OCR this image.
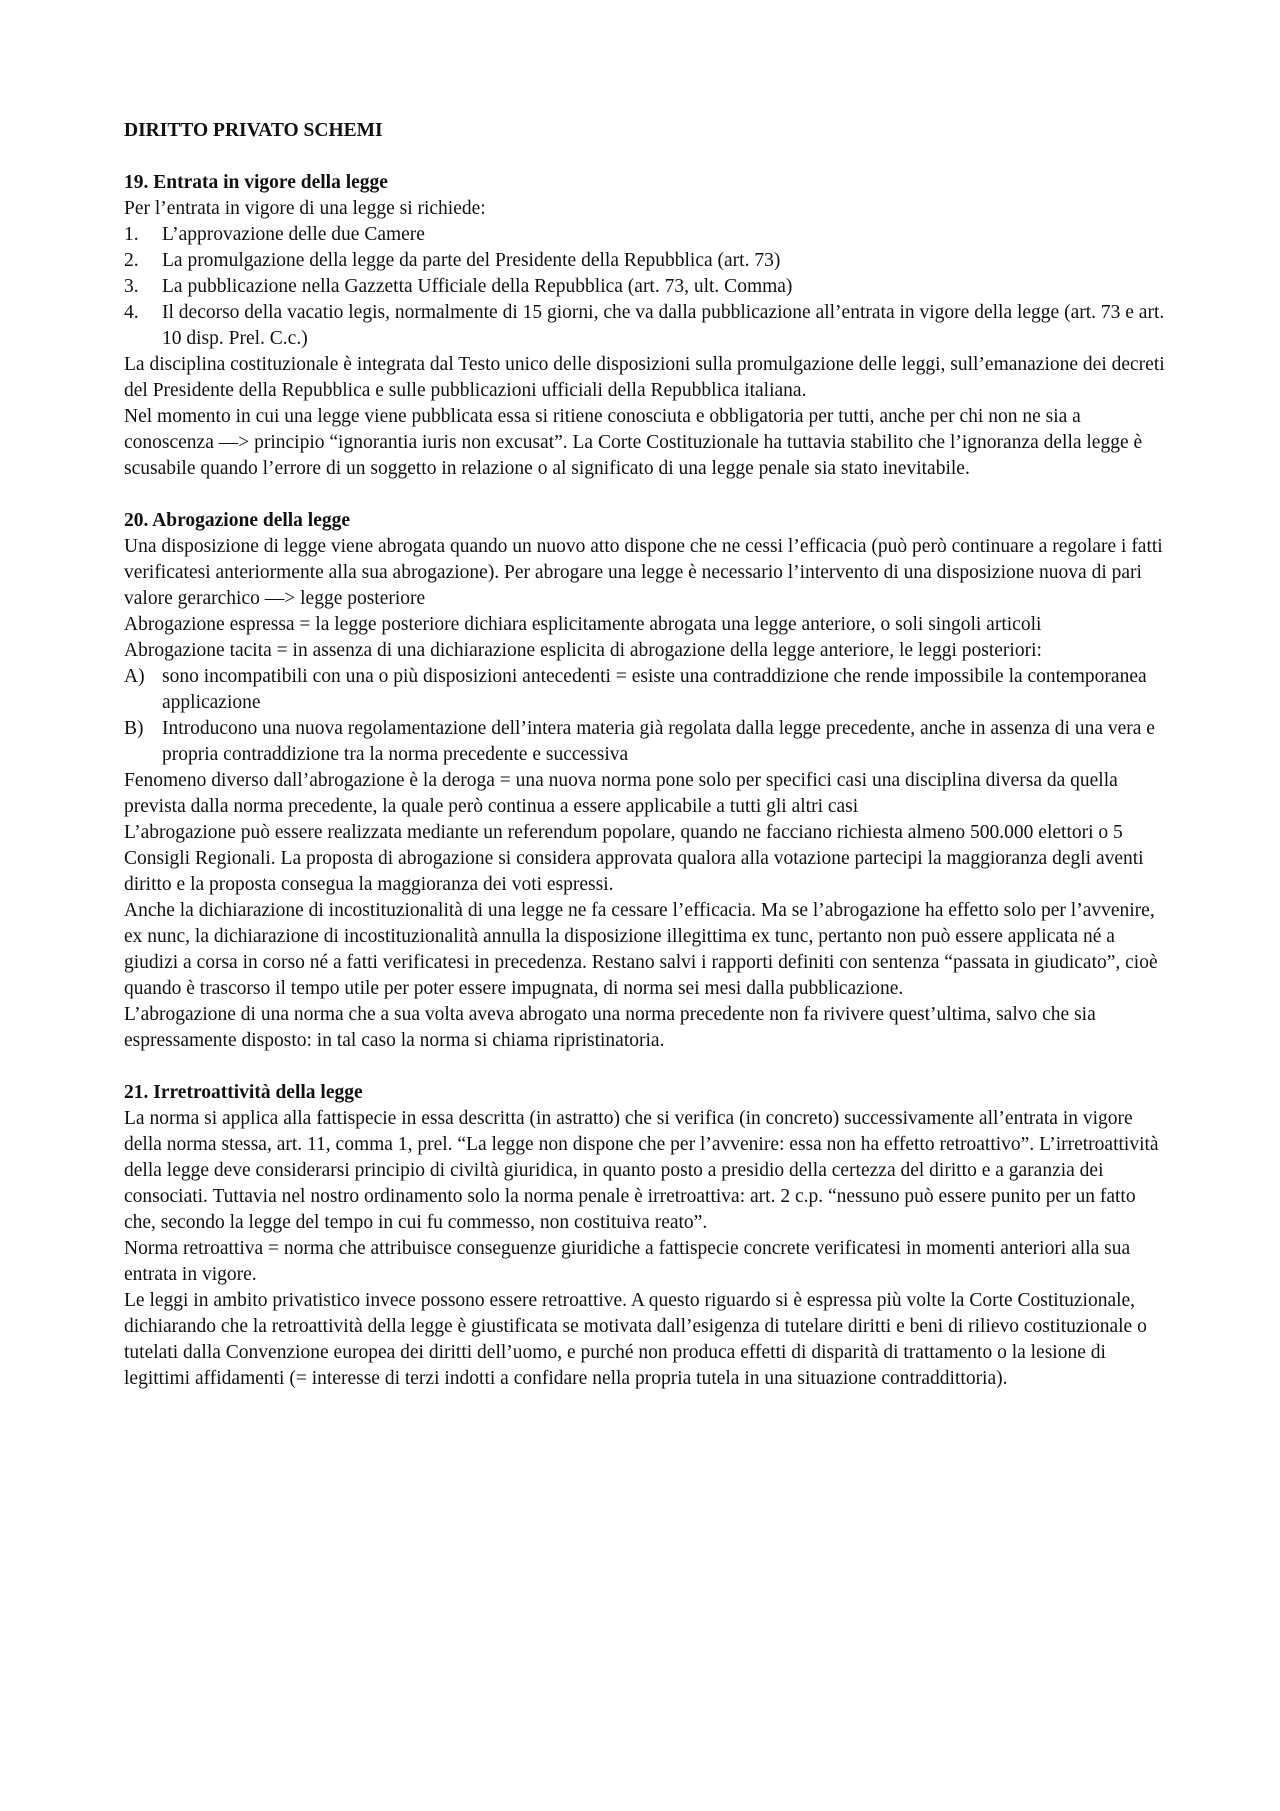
DIRITTO PRIVATO SCHEMI

19. Entrata in vigore della legge

Per l’entrata in vigore di una legge si richiede:

1. L’approvazione delle due Camere
2. La promulgazione della legge da parte del Presidente della Repubblica (art. 73)
3. La pubblicazione nella Gazzetta Ufficiale della Repubblica (art. 73, ult. Comma)
4. Il decorso della vacatio legis, normalmente di 15 giorni, che va dalla pubblicazione all’entrata in vigore della legge (art. 73 e art. 10 disp. Prel. C.c.)

La disciplina costituzionale è integrata dal Testo unico delle disposizioni sulla promulgazione delle leggi, sull’emanazione dei decreti del Presidente della Repubblica e sulle pubblicazioni ufficiali della Repubblica italiana.

Nel momento in cui una legge viene pubblicata essa si ritiene conosciuta e obbligatoria per tutti, anche per chi non ne sia a conoscenza —> principio “ignorantia iuris non excusat”. La Corte Costituzionale ha tuttavia stabilito che l’ignoranza della legge è scusabile quando l’errore di un soggetto in relazione o al significato di una legge penale sia stato inevitabile.

20. Abrogazione della legge

Una disposizione di legge viene abrogata quando un nuovo atto dispone che ne cessi l’efficacia (può però continuare a regolare i fatti verificatesi anteriormente alla sua abrogazione). Per abrogare una legge è necessario l’intervento di una disposizione nuova di pari valore gerarchico —> legge posteriore

Abrogazione espressa = la legge posteriore dichiara esplicitamente abrogata una legge anteriore, o soli singoli articoli

Abrogazione tacita = in assenza di una dichiarazione esplicita di abrogazione della legge anteriore, le leggi posteriori:

A) sono incompatibili con una o più disposizioni antecedenti = esiste una contraddizione che rende impossibile la contemporanea applicazione
B) Introducono una nuova regolamentazione dell’intera materia già regolata dalla legge precedente, anche in assenza di una vera e propria contraddizione tra la norma precedente e successiva

Fenomeno diverso dall’abrogazione è la deroga = una nuova norma pone solo per specifici casi una disciplina diversa da quella prevista dalla norma precedente, la quale però continua a essere applicabile a tutti gli altri casi

L’abrogazione può essere realizzata mediante un referendum popolare, quando ne facciano richiesta almeno 500.000 elettori o 5 Consigli Regionali. La proposta di abrogazione si considera approvata qualora alla votazione partecipi la maggioranza degli aventi diritto e la proposta consegua la maggioranza dei voti espressi.

Anche la dichiarazione di incostituzionalità di una legge ne fa cessare l’efficacia. Ma se l’abrogazione ha effetto solo per l’avvenire, ex nunc, la dichiarazione di incostituzionalità annulla la disposizione illegittima ex tunc, pertanto non può essere applicata né a giudizi a corsa in corso né a fatti verificatesi in precedenza. Restano salvi i rapporti definiti con sentenza “passata in giudicato”, cioè quando è trascorso il tempo utile per poter essere impugnata, di norma sei mesi dalla pubblicazione.

L’abrogazione di una norma che a sua volta aveva abrogato una norma precedente non fa rivivere quest’ultima, salvo che sia espressamente disposto: in tal caso la norma si chiama ripristinatoria.

21. Irretroattività della legge

La norma si applica alla fattispecie in essa descritta (in astratto) che si verifica (in concreto) successivamente all’entrata in vigore della norma stessa, art. 11, comma 1, prel. “La legge non dispone che per l’avvenire: essa non ha effetto retroattivo”. L’irretroattività della legge deve considerarsi principio di civiltà giuridica, in quanto posto a presidio della certezza del diritto e a garanzia dei consociati. Tuttavia nel nostro ordinamento solo la norma penale è irretroattiva: art. 2 c.p. “nessuno può essere punito per un fatto che, secondo la legge del tempo in cui fu commesso, non costituiva reato”.

Norma retroattiva = norma che attribuisce conseguenze giuridiche a fattispecie concrete verificatesi in momenti anteriori alla sua entrata in vigore.

Le leggi in ambito privatistico invece possono essere retroattive. A questo riguardo si è espressa più volte la Corte Costituzionale, dichiarando che la retroattività della legge è giustificata se motivata dall’esigenza di tutelare diritti e beni di rilievo costituzionale o tutelati dalla Convenzione europea dei diritti dell’uomo, e purché non produca effetti di disparità di trattamento o la lesione di legittimi affidamenti (= interesse di terzi indotti a confidare nella propria tutela in una situazione contraddittoria).
